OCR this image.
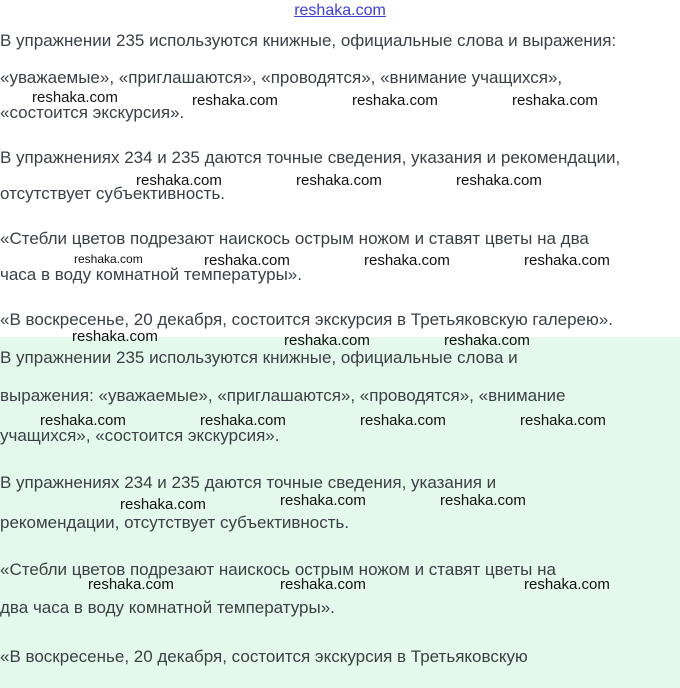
reshaka.com

В упражнении 235 используются книжные, официальные слова и выражения:

«уважаемые», «приглашаются», «проводятся», «внимание учащихся»,

«состоится экскурсия».

В упражнениях 234 и 235 даются точные сведения, указания и рекомендации,

отсутствует субъективность.

«Стебли цветов подрезают наискось острым ножом и ставят цветы на два

часа в воду комнатной температуры».

«В воскресенье, 20 декабря, состоится экскурсия в Третьяковскую галерею».

В упражнении 235 используются книжные, официальные слова и

выражения: «уважаемые», «приглашаются», «проводятся», «внимание

учащихся», «состоится экскурсия».

В упражнениях 234 и 235 даются точные сведения, указания и

рекомендации, отсутствует субъективность.

«Стебли цветов подрезают наискось острым ножом и ставят цветы на

два часа в воду комнатной температуры».

«В воскресенье, 20 декабря, состоится экскурсия в Третьяковскую

reshaka.com	reshaka.com	reshaka.com	reshaka.com
reshaka.com	reshaka.com	reshaka.com
reshaka.com	reshaka.com	reshaka.com
reshaka.com
reshaka.com	reshaka.com	reshaka.com
reshaka.com	reshaka.com	reshaka.com	reshaka.com
reshaka.com	reshaka.com	reshaka.com
reshaka.com	reshaka.com	reshaka.com
